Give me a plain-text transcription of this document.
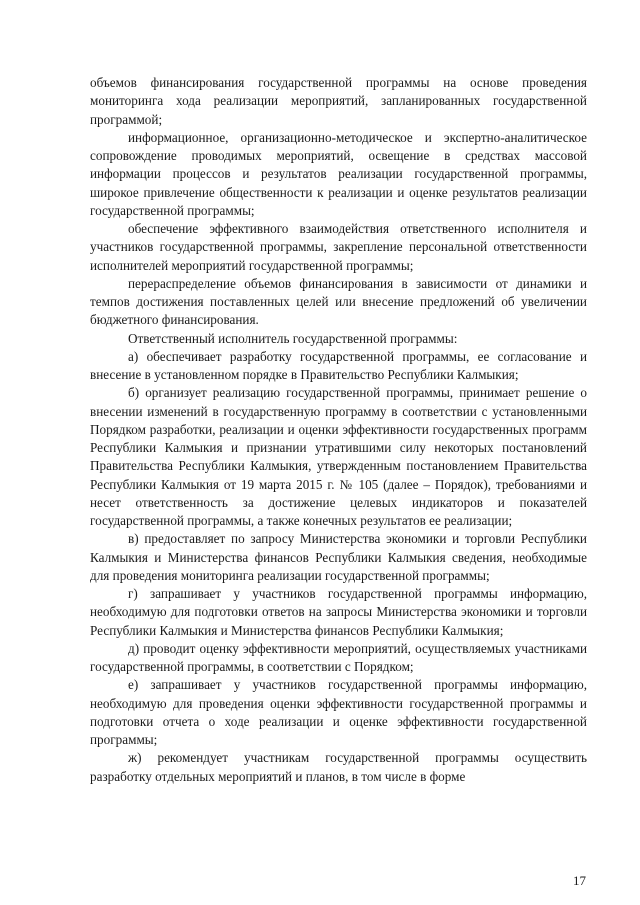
объемов финансирования государственной программы на основе проведения мониторинга хода реализации мероприятий, запланированных государственной программой;

информационное, организационно-методическое и экспертно-аналитическое сопровождение проводимых мероприятий, освещение в средствах массовой информации процессов и результатов реализации государственной программы, широкое привлечение общественности к реализации и оценке результатов реализации государственной программы;

обеспечение эффективного взаимодействия ответственного исполнителя и участников государственной программы, закрепление персональной ответственности исполнителей мероприятий государственной программы;

перераспределение объемов финансирования в зависимости от динамики и темпов достижения поставленных целей или внесение предложений об увеличении бюджетного финансирования.

Ответственный исполнитель государственной программы:

а) обеспечивает разработку государственной программы, ее согласование и внесение в установленном порядке в Правительство Республики Калмыкия;

б) организует реализацию государственной программы, принимает решение о внесении изменений в государственную программу в соответствии с установленными Порядком разработки, реализации и оценки эффективности государственных программ Республики Калмыкия и признании утратившими силу некоторых постановлений Правительства Республики Калмыкия, утвержденным постановлением Правительства Республики Калмыкия от 19 марта 2015 г. № 105 (далее – Порядок), требованиями и несет ответственность за достижение целевых индикаторов и показателей государственной программы, а также конечных результатов ее реализации;

в) предоставляет по запросу Министерства экономики и торговли Республики Калмыкия и Министерства финансов Республики Калмыкия сведения, необходимые для проведения мониторинга реализации государственной программы;

г) запрашивает у участников государственной программы информацию, необходимую для подготовки ответов на запросы Министерства экономики и торговли Республики Калмыкия и Министерства финансов Республики Калмыкия;

д) проводит оценку эффективности мероприятий, осуществляемых участниками государственной программы, в соответствии с Порядком;

е) запрашивает у участников государственной программы информацию, необходимую для проведения оценки эффективности государственной программы и подготовки отчета о ходе реализации и оценке эффективности государственной программы;

ж) рекомендует участникам государственной программы осуществить разработку отдельных мероприятий и планов, в том числе в форме

17
